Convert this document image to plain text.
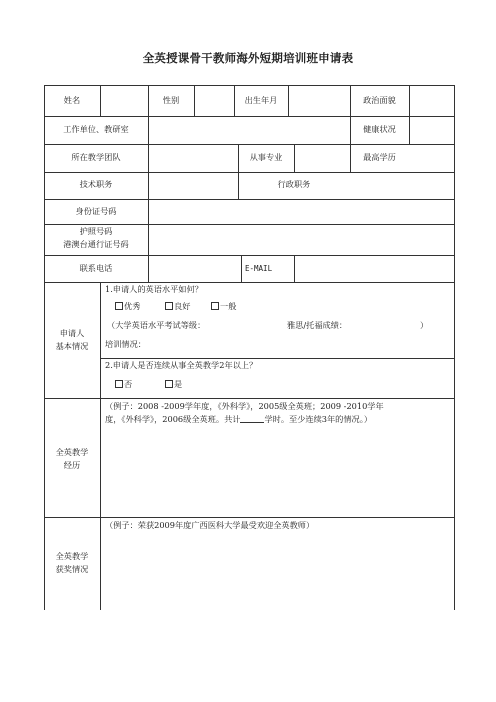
全英授课骨干教师海外短期培训班申请表
姓名	性别	出生年月	政治面貌
工作单位、教研室	健康状况
所在教学团队	从事专业	最高学历
技术职务	行政职务
身份证号码
护照号码
港澳台通行证号码
联系电话	E-MAIL
申请人
基本情况
1.申请人的英语水平如何？
优秀	良好	一般
（大学英语水平考试等级：	雅思/托福成绩：	）
培训情况：
2.申请人是否连续从事全英教学2年以上？
否	是
全英教学
经历
（例子：2008 -2009学年度，《外科学》，2005级全英班；2009 -2010学年
度，《外科学》，2006级全英班。共计	学时。至少连续3年的情况。）
全英教学
获奖情况
（例子：荣获2009年度广西医科大学最受欢迎全英教师）
